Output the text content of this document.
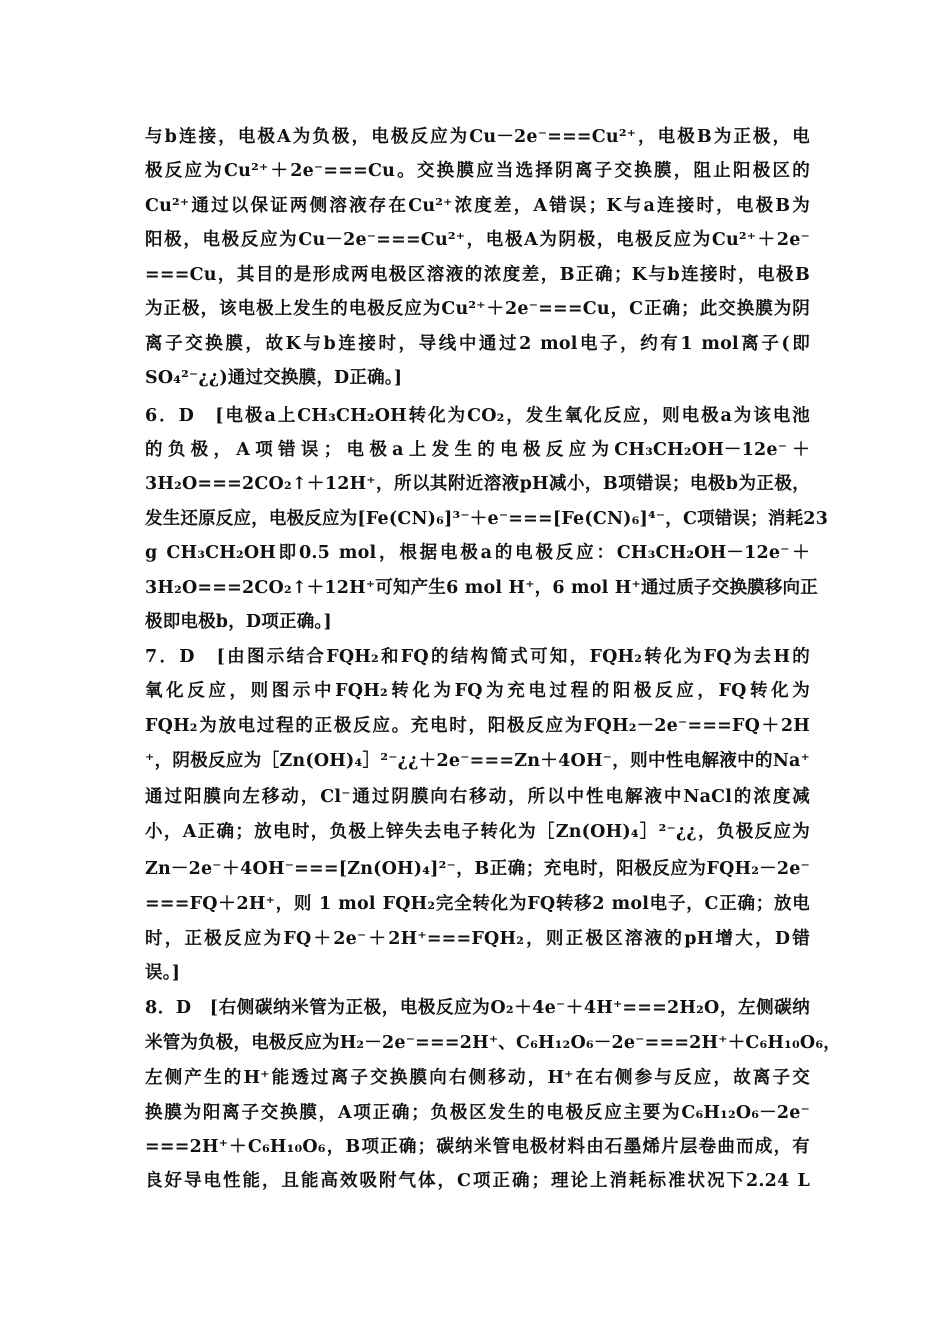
与b连接，电极A为负极，电极反应为Cu－2e⁻===Cu²⁺，电极B为正极，电
极反应为Cu²⁺＋2e⁻===Cu。交换膜应当选择阴离子交换膜，阻止阳极区的
Cu²⁺通过以保证两侧溶液存在Cu²⁺浓度差，A错误；K与a连接时，电极B为
阳极，电极反应为Cu－2e⁻===Cu²⁺，电极A为阴极，电极反应为Cu²⁺＋2e⁻
===Cu，其目的是形成两电极区溶液的浓度差，B正确；K与b连接时，电极B
为正极，该电极上发生的电极反应为Cu²⁺＋2e⁻===Cu，C正确；此交换膜为阴
离子交换膜，故K与b连接时，导线中通过2 mol电子，约有1 mol离子(即
SO₄²⁻¿¿)通过交换膜，D正确。]
6．D　[电极a上CH₃CH₂OH转化为CO₂，发生氧化反应，则电极a为该电池
的负极，A项错误；电极a上发生的电极反应为CH₃CH₂OH－12e⁻＋
3H₂O===2CO₂↑＋12H⁺，所以其附近溶液pH减小，B项错误；电极b为正极，
发生还原反应，电极反应为[Fe(CN)₆]³⁻＋e⁻===[Fe(CN)₆]⁴⁻，C项错误；消耗23
g CH₃CH₂OH即0.5 mol，根据电极a的电极反应：CH₃CH₂OH－12e⁻＋
3H₂O===2CO₂↑＋12H⁺可知产生6 mol H⁺，6 mol H⁺通过质子交换膜移向正
极即电极b，D项正确。]
7．D　[由图示结合FQH₂和FQ的结构简式可知，FQH₂转化为FQ为去H的
氧化反应，则图示中FQH₂转化为FQ为充电过程的阳极反应，FQ转化为
FQH₂为放电过程的正极反应。充电时，阳极反应为FQH₂－2e⁻===FQ＋2H
⁺，阴极反应为［Zn(OH)₄］²⁻¿¿＋2e⁻===Zn＋4OH⁻，则中性电解液中的Na⁺
通过阳膜向左移动，Cl⁻通过阴膜向右移动，所以中性电解液中NaCl的浓度减
小，A正确；放电时，负极上锌失去电子转化为［Zn(OH)₄］²⁻¿¿，负极反应为
Zn－2e⁻＋4OH⁻===[Zn(OH)₄]²⁻，B正确；充电时，阳极反应为FQH₂－2e⁻
===FQ＋2H⁺，则 1 mol FQH₂完全转化为FQ转移2 mol电子，C正确；放电
时，正极反应为FQ＋2e⁻＋2H⁺===FQH₂，则正极区溶液的pH增大，D错
误。]
8．D　[右侧碳纳米管为正极，电极反应为O₂＋4e⁻＋4H⁺===2H₂O，左侧碳纳
米管为负极，电极反应为H₂－2e⁻===2H⁺、C₆H₁₂O₆－2e⁻===2H⁺＋C₆H₁₀O₆，
左侧产生的H⁺能透过离子交换膜向右侧移动，H⁺在右侧参与反应，故离子交
换膜为阳离子交换膜，A项正确；负极区发生的电极反应主要为C₆H₁₂O₆－2e⁻
===2H⁺＋C₆H₁₀O₆，B项正确；碳纳米管电极材料由石墨烯片层卷曲而成，有
良好导电性能，且能高效吸附气体，C项正确；理论上消耗标准状况下2.24 L
